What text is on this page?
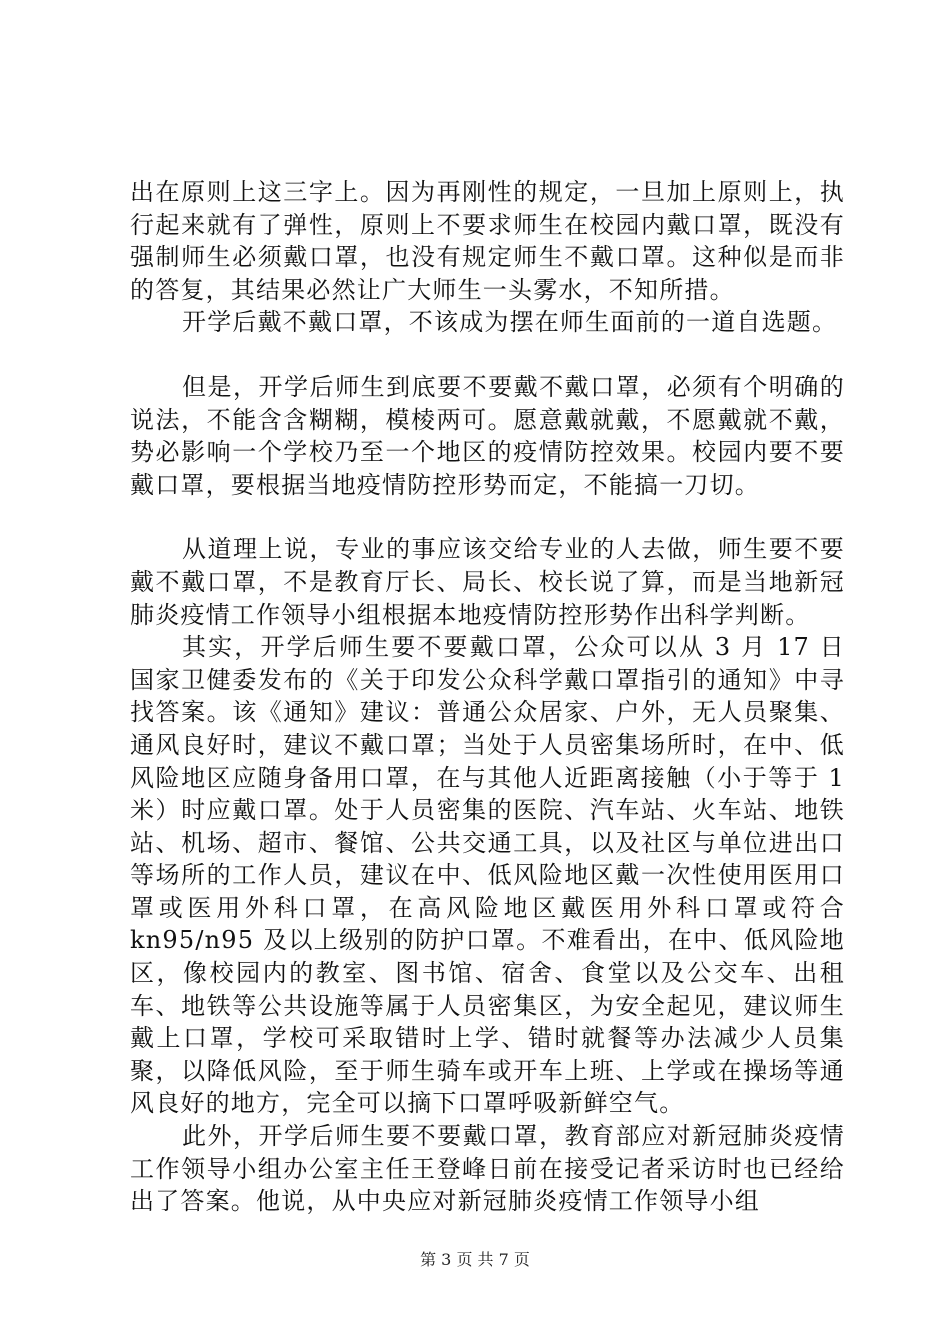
出在原则上这三字上。因为再刚性的规定，一旦加上原则上，执行起来就有了弹性，原则上不要求师生在校园内戴口罩，既没有强制师生必须戴口罩，也没有规定师生不戴口罩。这种似是而非的答复，其结果必然让广大师生一头雾水，不知所措。

开学后戴不戴口罩，不该成为摆在师生面前的一道自选题。

但是，开学后师生到底要不要戴不戴口罩，必须有个明确的说法，不能含含糊糊，模棱两可。愿意戴就戴，不愿戴就不戴，势必影响一个学校乃至一个地区的疫情防控效果。校园内要不要戴口罩，要根据当地疫情防控形势而定，不能搞一刀切。

从道理上说，专业的事应该交给专业的人去做，师生要不要戴不戴口罩，不是教育厅长、局长、校长说了算，而是当地新冠肺炎疫情工作领导小组根据本地疫情防控形势作出科学判断。

其实，开学后师生要不要戴口罩，公众可以从 3 月 17 日国家卫健委发布的《关于印发公众科学戴口罩指引的通知》中寻找答案。该《通知》建议：普通公众居家、户外，无人员聚集、通风良好时，建议不戴口罩；当处于人员密集场所时，在中、低风险地区应随身备用口罩，在与其他人近距离接触（小于等于 1 米）时应戴口罩。处于人员密集的医院、汽车站、火车站、地铁站、机场、超市、餐馆、公共交通工具，以及社区与单位进出口等场所的工作人员，建议在中、低风险地区戴一次性使用医用口罩或医用外科口罩，在高风险地区戴医用外科口罩或符合 kn95/n95 及以上级别的防护口罩。不难看出，在中、低风险地区，像校园内的教室、图书馆、宿舍、食堂以及公交车、出租车、地铁等公共设施等属于人员密集区，为安全起见，建议师生戴上口罩，学校可采取错时上学、错时就餐等办法减少人员集聚，以降低风险，至于师生骑车或开车上班、上学或在操场等通风良好的地方，完全可以摘下口罩呼吸新鲜空气。

此外，开学后师生要不要戴口罩，教育部应对新冠肺炎疫情工作领导小组办公室主任王登峰日前在接受记者采访时也已经给出了答案。他说，从中央应对新冠肺炎疫情工作领导小组

第 3 页 共 7 页
